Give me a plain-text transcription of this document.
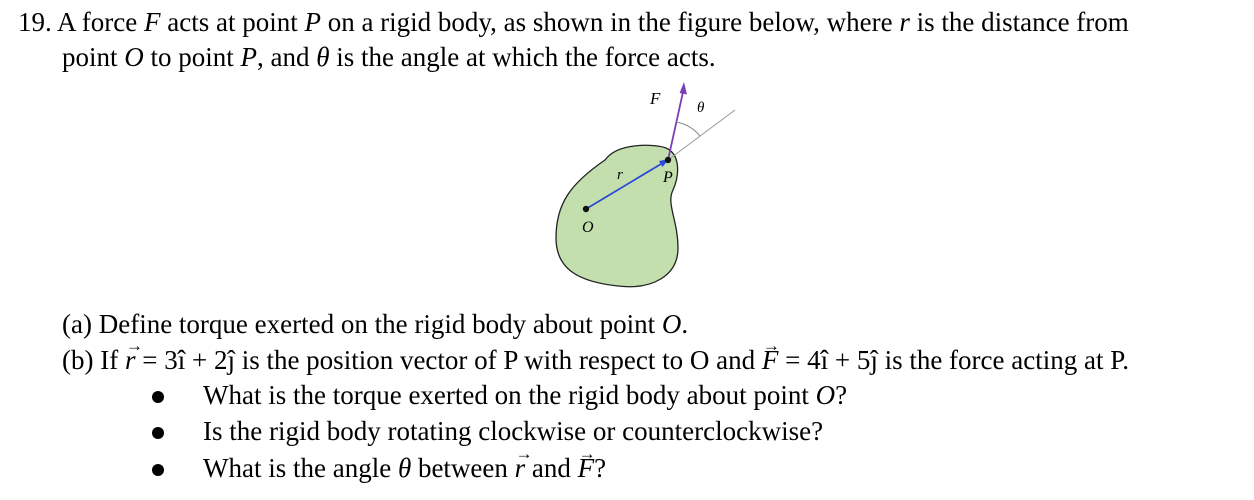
19. A force F acts at point P on a rigid body, as shown in the figure below, where r is the distance from
point O to point P, and θ is the angle at which the force acts.
F θ
r	P
O
(a) Define torque exerted on the rigid body about point O.
(b) If → r = 3î + 2ĵ is the position vector of P with respect to O and → F = 4î + 5ĵ is the force acting at P.
What is the torque exerted on the rigid body about point O?
Is the rigid body rotating clockwise or counterclockwise?
What is the angle θ between → r and → F?
